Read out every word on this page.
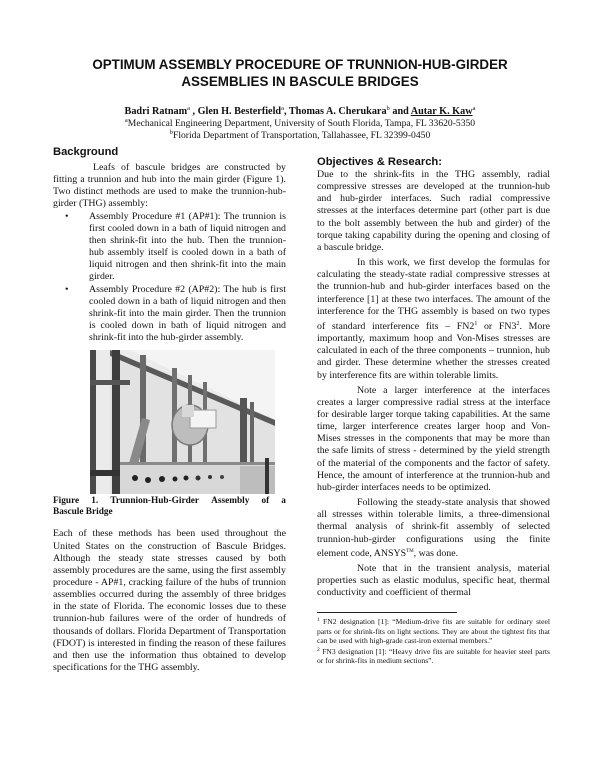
OPTIMUM ASSEMBLY PROCEDURE OF TRUNNION-HUB-GIRDER
ASSEMBLIES IN BASCULE BRIDGES
Badri Ratnam$^a$ , Glen H. Besterfield$^a$, Thomas A. Cherukara$^b$ and Autar K. Kaw$^a$
$^a$Mechanical Engineering Department, University of South Florida, Tampa, FL 33620-5350
$^b$Florida Department of Transportation, Tallahassee, FL 32399-0450
Background

Leafs of bascule bridges are constructed by fitting a trunnion and hub into the main girder (Figure 1). Two distinct methods are used to make the trunnion-hub-girder (THG) assembly:

• Assembly Procedure #1 (AP#1): The trunnion is first cooled down in a bath of liquid nitrogen and then shrink-fit into the hub. Then the trunnion-hub assembly itself is cooled down in a bath of liquid nitrogen and then shrink-fit into the main girder.
• Assembly Procedure #2 (AP#2): The hub is first cooled down in a bath of liquid nitrogen and then shrink-fit into the main girder. Then the trunnion is cooled down in bath of liquid nitrogen and shrink-fit into the hub-girder assembly.
Figure 1. Trunnion-Hub-Girder Assembly of a
Bascule Bridge

Each of these methods has been used throughout the United States on the construction of Bascule Bridges. Although the steady state stresses caused by both assembly procedures are the same, using the first assembly procedure - AP#1, cracking failure of the hubs of trunnion assemblies occurred during the assembly of three bridges in the state of Florida. The economic losses due to these trunnion-hub failures were of the order of hundreds of thousands of dollars. Florida Department of Transportation (FDOT) is interested in finding the reason of these failures and then use the information thus obtained to develop specifications for the THG assembly.

Objectives & Research:

Due to the shrink-fits in the THG assembly, radial compressive stresses are developed at the trunnion-hub and hub-girder interfaces. Such radial compressive stresses at the interfaces determine part (other part is due to the bolt assembly between the hub and girder) of the torque taking capability during the opening and closing of a bascule bridge.

In this work, we first develop the formulas for calculating the steady-state radial compressive stresses at the trunnion-hub and hub-girder interfaces based on the interference [1] at these two interfaces. The amount of the interference for the THG assembly is based on two types of standard interference fits – FN2$^1$ or FN3$^2$. More importantly, maximum hoop and Von-Mises stresses are calculated in each of the three components – trunnion, hub and girder. These determine whether the stresses created by interference fits are within tolerable limits.

Note a larger interference at the interfaces creates a larger compressive radial stress at the interface for desirable larger torque taking capabilities. At the same time, larger interference creates larger hoop and Von-Mises stresses in the components that may be more than the safe limits of stress - determined by the yield strength of the material of the components and the factor of safety. Hence, the amount of interference at the trunnion-hub and hub-girder interfaces needs to be optimized.

Following the steady-state analysis that showed all stresses within tolerable limits, a three-dimensional thermal analysis of shrink-fit assembly of selected trunnion-hub-girder configurations using the finite element code, ANSYS™, was done.

Note that in the transient analysis, material properties such as elastic modulus, specific heat, thermal conductivity and coefficient of thermal

$^1$ FN2 designation [1]: “Medium-drive fits are suitable for ordinary steel parts or for shrink-fits on light sections. They are about the tightest fits that can be used with high-grade cast-iron external members.”

$^2$ FN3 designation [1]: “Heavy drive fits are suitable for heavier steel parts or for shrink-fits in medium sections”.
